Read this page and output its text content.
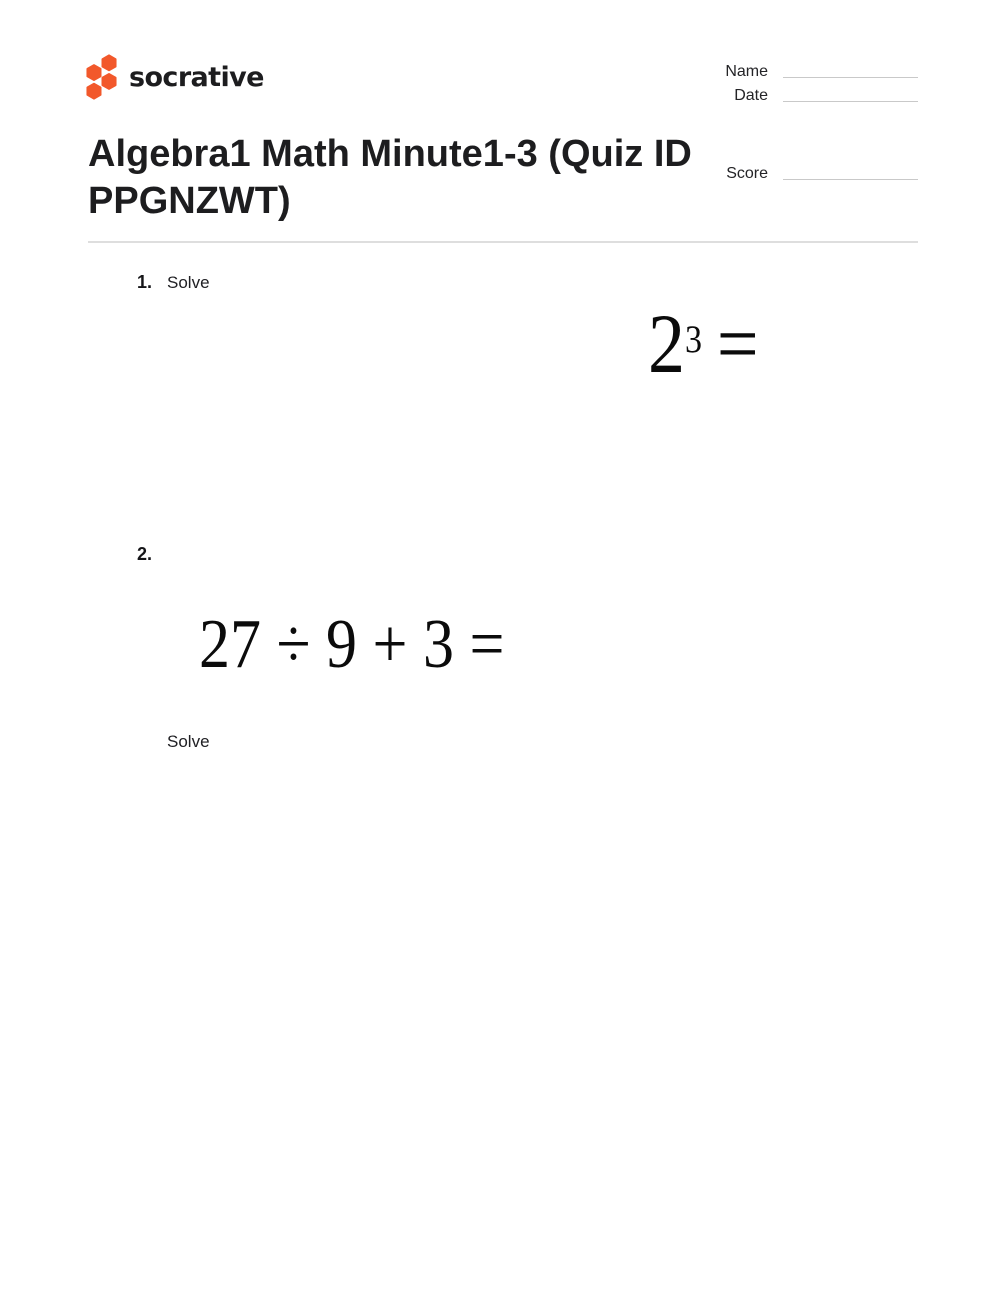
socrative	Name
Date
Score
Algebra1 Math Minute1-3 (Quiz ID
PPGNZWT)
1. Solve
$2^3$ =
2.
27 ÷ 9 + 3 =
Solve
